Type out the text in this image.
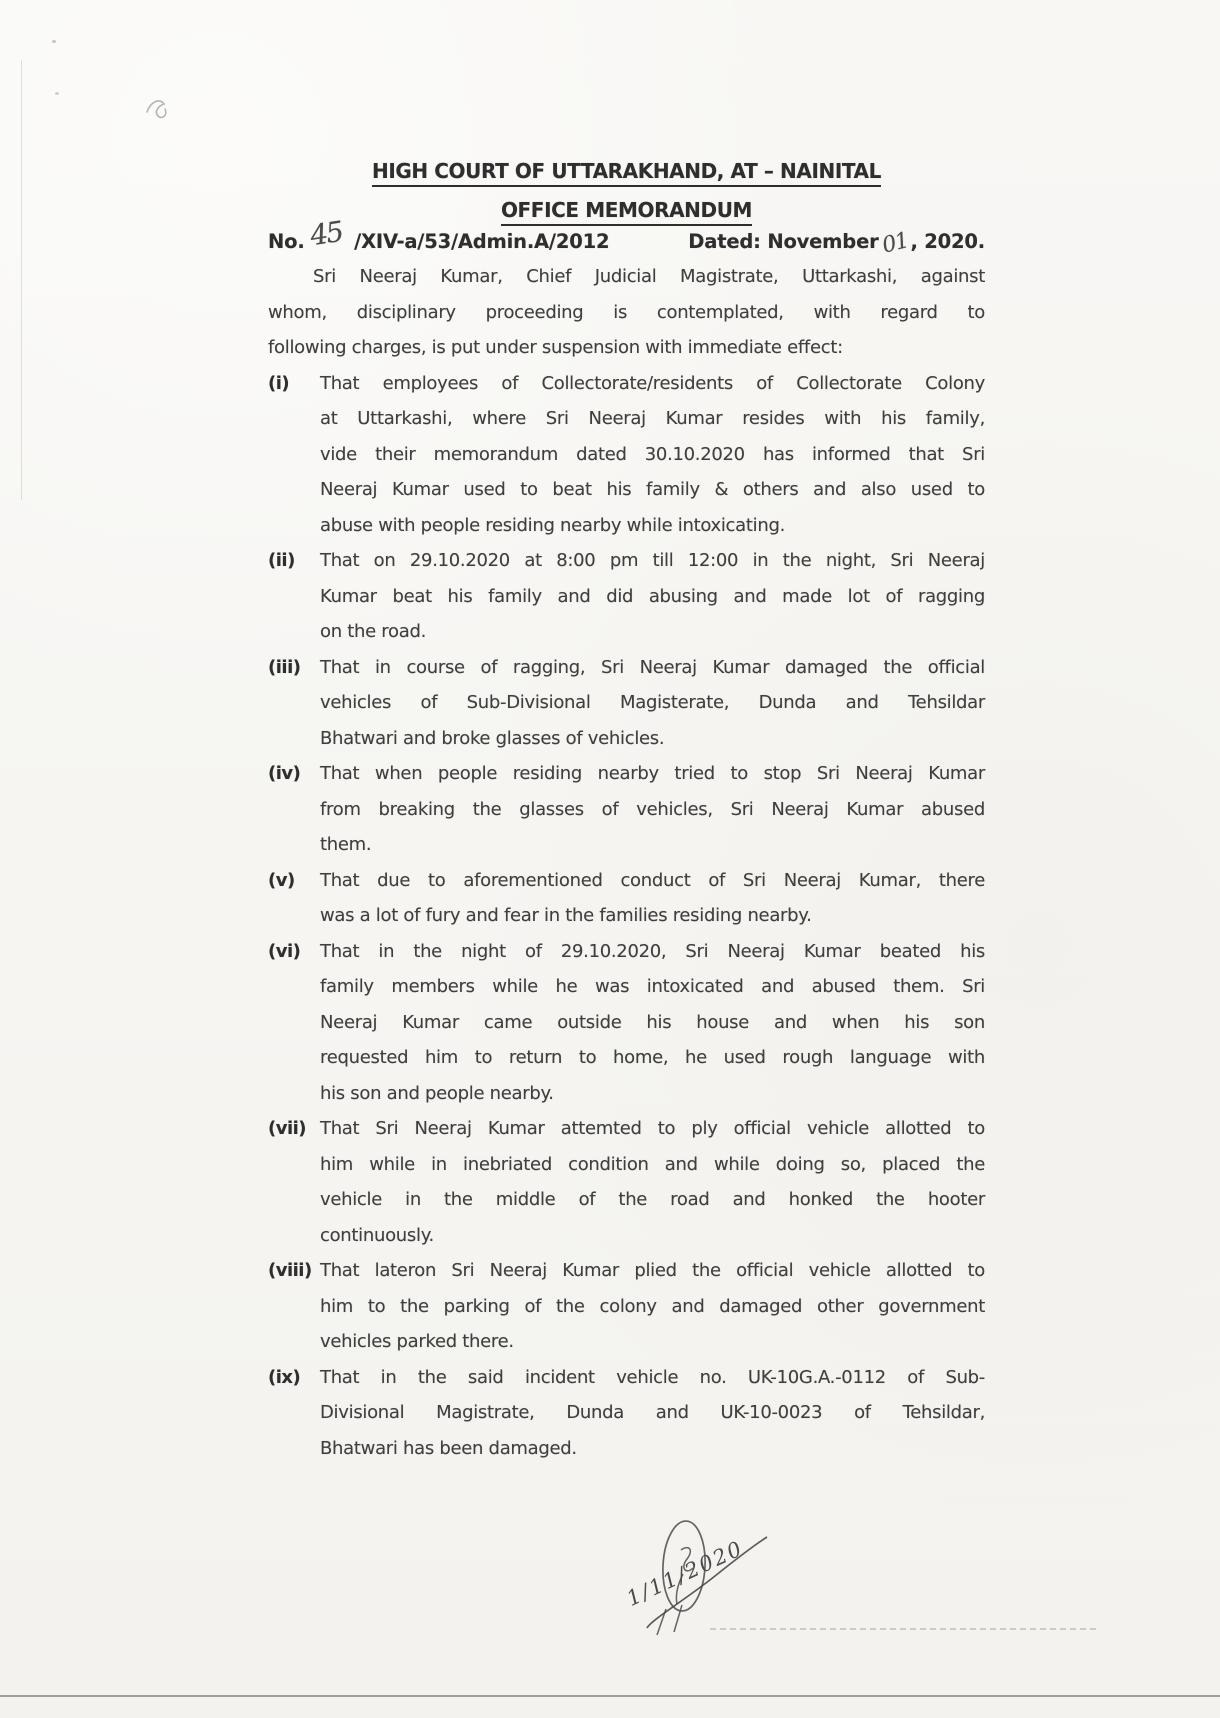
HIGH COURT OF UTTARAKHAND, AT – NAINITAL
OFFICE MEMORANDUM
No. 45 /XIV-a/53/Admin.A/2012	Dated: November 01 , 2020.
Sri Neeraj Kumar, Chief Judicial Magistrate, Uttarkashi, against
whom, disciplinary proceeding is contemplated, with regard to
following charges, is put under suspension with immediate effect:
(i) That employees of Collectorate/residents of Collectorate Colony
at Uttarkashi, where Sri Neeraj Kumar resides with his family,
vide their memorandum dated 30.10.2020 has informed that Sri
Neeraj Kumar used to beat his family & others and also used to
abuse with people residing nearby while intoxicating.
(ii) That on 29.10.2020 at 8:00 pm till 12:00 in the night, Sri Neeraj
Kumar beat his family and did abusing and made lot of ragging
on the road.
(iii) That in course of ragging, Sri Neeraj Kumar damaged the official
vehicles of Sub-Divisional Magisterate, Dunda and Tehsildar
Bhatwari and broke glasses of vehicles.
(iv) That when people residing nearby tried to stop Sri Neeraj Kumar
from breaking the glasses of vehicles, Sri Neeraj Kumar abused
them.
(v) That due to aforementioned conduct of Sri Neeraj Kumar, there
was a lot of fury and fear in the families residing nearby.
(vi) That in the night of 29.10.2020, Sri Neeraj Kumar beated his
family members while he was intoxicated and abused them. Sri
Neeraj Kumar came outside his house and when his son
requested him to return to home, he used rough language with
his son and people nearby.
(vii) That Sri Neeraj Kumar attemted to ply official vehicle allotted to
him while in inebriated condition and while doing so, placed the
vehicle in the middle of the road and honked the hooter
continuously.
(viii) That lateron Sri Neeraj Kumar plied the official vehicle allotted to
him to the parking of the colony and damaged other government
vehicles parked there.
(ix) That in the said incident vehicle no. UK-10G.A.-0112 of Sub-
Divisional Magistrate, Dunda and UK-10-0023 of Tehsildar,
Bhatwari has been damaged.
1/11/2020
